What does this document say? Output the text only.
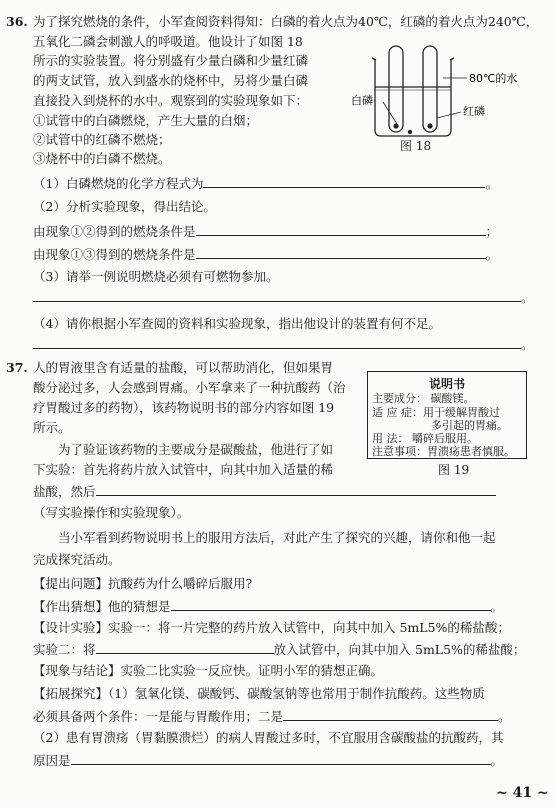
36. 为了探究燃烧的条件，小军查阅资料得知：白磷的着火点为40℃，红磷的着火点为240℃，
五氧化二磷会刺激人的呼吸道。他设计了如图 18
所示的实验装置。将分别盛有少量白磷和少量红磷
的两支试管，放入到盛水的烧杯中，另将少量白磷
直接投入到烧杯的水中。观察到的实验现象如下：
①试管中的白磷燃烧，产生大量的白烟；
②试管中的红磷不燃烧；
③烧杯中的白磷不燃烧。
80℃的水
白磷
红磷
图 18
（1）白磷燃烧的化学方程式为	。
（2）分析实验现象，得出结论。
由现象①②得到的燃烧条件是	；
由现象①③得到的燃烧条件是	。
（3）请举一例说明燃烧必须有可燃物参加。
。
（4）请你根据小军查阅的资料和实验现象，指出他设计的装置有何不足。
。
37. 人的胃液里含有适量的盐酸，可以帮助消化，但如果胃
酸分泌过多，人会感到胃痛。小军拿来了一种抗酸药（治
疗胃酸过多的药物），该药物说明书的部分内容如图 19
所示。
为了验证该药物的主要成分是碳酸盐，他进行了如
下实验：首先将药片放入试管中，向其中加入适量的稀
盐酸，然后
（写实验操作和实验现象）。
当小军看到药物说明书上的服用方法后，对此产生了探究的兴趣，请你和他一起
完成探究活动。
说明书
主要成分： 碳酸镁。
适 应 症：用于缓解胃酸过
多引起的胃痛。
用 法： 嚼碎后服用。
注意事项：胃溃疡患者慎服。
图 19
【提出问题】抗酸药为什么嚼碎后服用?
【作出猜想】他的猜想是	。
【设计实验】实验一：将一片完整的药片放入试管中，向其中加入 5mL5%的稀盐酸；
实验二：将	放入试管中，向其中加入 5mL5%的稀盐酸；
【现象与结论】实验二比实验一反应快。证明小军的猜想正确。
【拓展探究】（1）氢氧化镁、碳酸钙、碳酸氢钠等也常用于制作抗酸药。这些物质
必须具备两个条件：一是能与胃酸作用；二是	。
（2）患有胃溃疡（胃黏膜溃烂）的病人胃酸过多时，不宜服用含碳酸盐的抗酸药，其
原因是	。
~ 41 ~
